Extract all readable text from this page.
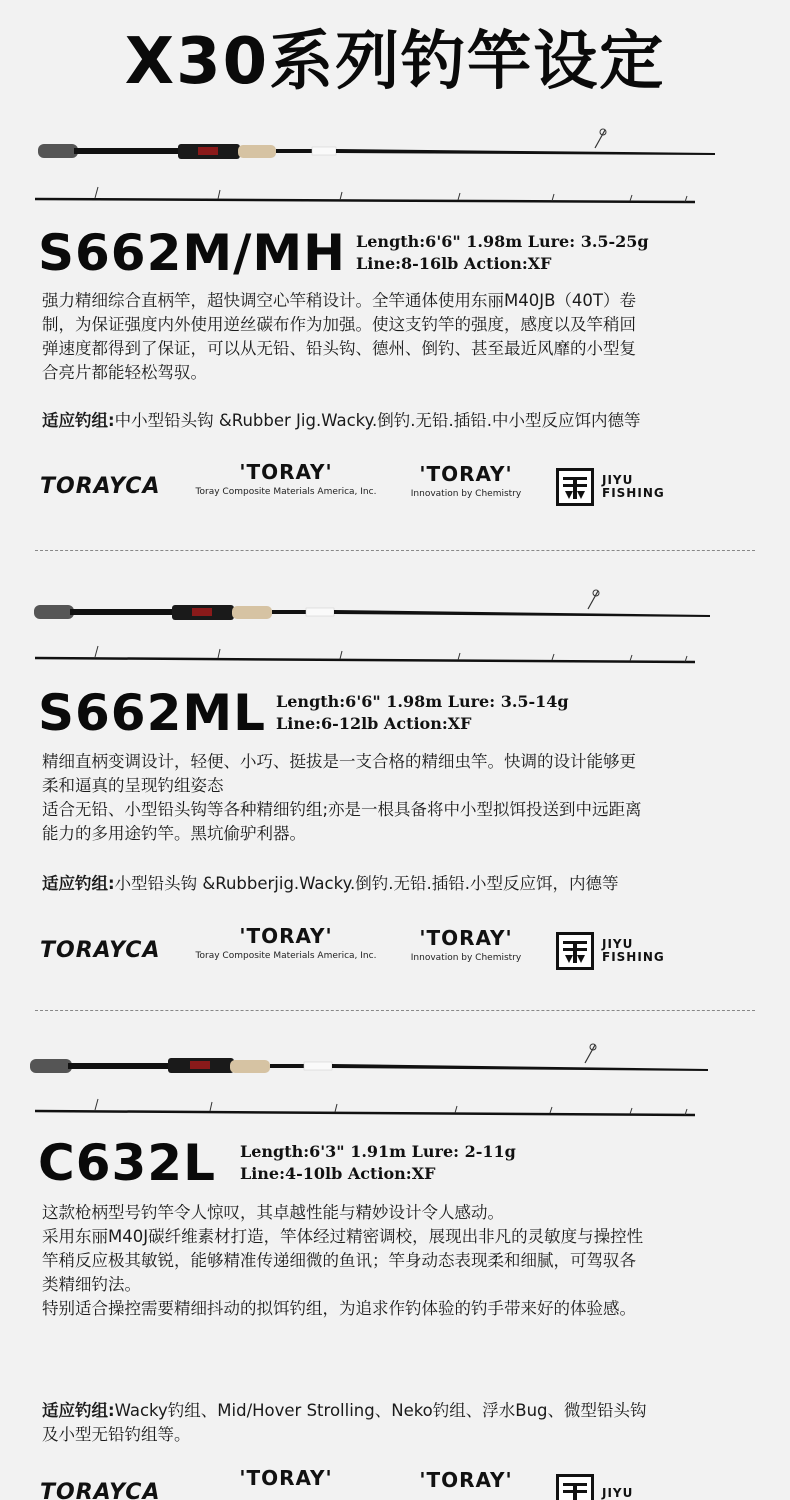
X30系列钓竿设定
S662M/MH Length:6'6" 1.98m Lure: 3.5-25g
Line:8-16lb Action:XF

强力精细综合直柄竿，超快调空心竿稍设计。全竿通体使用东丽M40JB（40T）卷

制，为保证强度内外使用逆丝碳布作为加强。使这支钓竿的强度，感度以及竿稍回

弹速度都得到了保证，可以从无铅、铅头钩、德州、倒钓、甚至最近风靡的小型复

合亮片都能轻松驾驭。

适应钓组:中小型铅头钩 &Rubber Jig.Wacky.倒钓.无铅.插铅.中小型反应饵内德等
TORAYCA
'TORAY'
Toray Composite Materials America, Inc.
'TORAY'
Innovation by Chemistry
JIYU
FISHING
S662ML Length:6'6" 1.98m Lure: 3.5-14g
Line:6-12lb Action:XF

精细直柄变调设计，轻便、小巧、挺拔是一支合格的精细虫竿。快调的设计能够更

柔和逼真的呈现钓组姿态

适合无铅、小型铅头钩等各种精细钓组;亦是一根具备将中小型拟饵投送到中远距离

能力的多用途钓竿。黑坑偷驴利器。

适应钓组:小型铅头钩 &Rubberjig.Wacky.倒钓.无铅.插铅.小型反应饵，内德等
TORAYCA
'TORAY'
Toray Composite Materials America, Inc.
'TORAY'
Innovation by Chemistry
JIYU
FISHING
C632L Length:6'3" 1.91m Lure: 2-11g
Line:4-10lb Action:XF

这款枪柄型号钓竿令人惊叹，其卓越性能与精妙设计令人感动。

采用东丽M40J碳纤维素材打造，竿体经过精密调校，展现出非凡的灵敏度与操控性

竿稍反应极其敏锐，能够精准传递细微的鱼讯；竿身动态表现柔和细腻，可驾驭各

类精细钓法。

特别适合操控需要精细抖动的拟饵钓组，为追求作钓体验的钓手带来好的体验感。

适应钓组:Wacky钓组、Mid/Hover Strolling、Neko钓组、浮水Bug、微型铅头钩
及小型无铅钓组等。
TORAYCA
'TORAY'	'TORAY'
JIYU
